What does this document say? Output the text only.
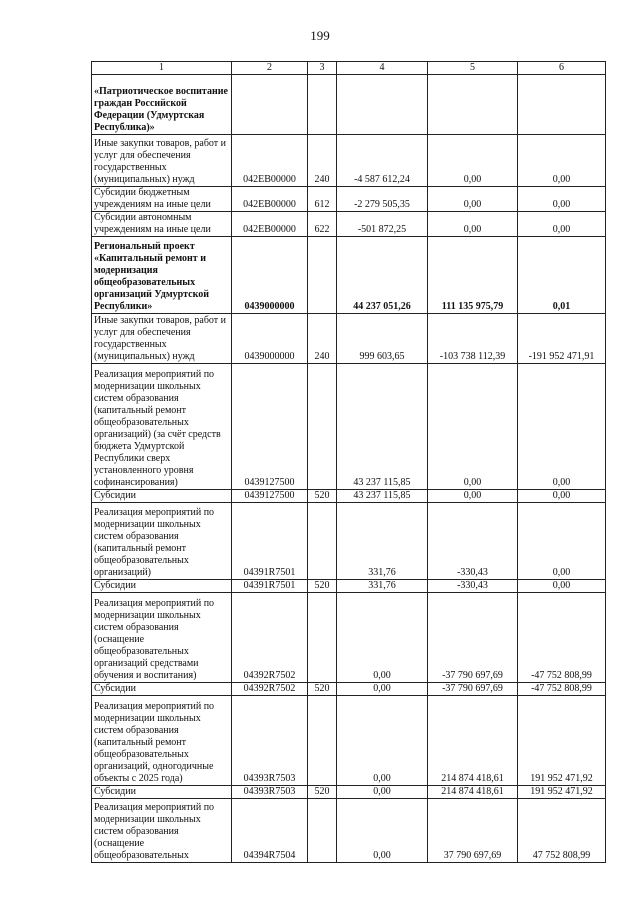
199
1	2	3	4	5	6
«Патриотическое воспитание граждан Российской Федерации (Удмуртская Республика)»					
Иные закупки товаров, работ и услуг для обеспечения государственных (муниципальных) нужд	042ЕВ00000	240	-4 587 612,24	0,00	0,00
Субсидии бюджетным учреждениям на иные цели	042ЕВ00000	612	-2 279 505,35	0,00	0,00
Субсидии автономным учреждениям на иные цели	042ЕВ00000	622	-501 872,25	0,00	0,00
Региональный проект «Капитальный ремонт и модернизация общеобразовательных организаций Удмуртской Республики»	0439000000		44 237 051,26	111 135 975,79	0,01
Иные закупки товаров, работ и услуг для обеспечения государственных (муниципальных) нужд	0439000000	240	999 603,65	-103 738 112,39	-191 952 471,91
Реализация мероприятий по модернизации школьных систем образования (капитальный ремонт общеобразовательных организаций) (за счёт средств бюджета Удмуртской Республики сверх установленного уровня софинансирования)	0439127500		43 237 115,85	0,00	0,00
Субсидии	0439127500	520	43 237 115,85	0,00	0,00
Реализация мероприятий по модернизации школьных систем образования (капитальный ремонт общеобразовательных организаций)	04391R7501		331,76	-330,43	0,00
Субсидии	04391R7501	520	331,76	-330,43	0,00
Реализация мероприятий по модернизации школьных систем образования (оснащение общеобразовательных организаций средствами обучения и воспитания)	04392R7502		0,00	-37 790 697,69	-47 752 808,99
Субсидии	04392R7502	520	0,00	-37 790 697,69	-47 752 808,99
Реализация мероприятий по модернизации школьных систем образования (капитальный ремонт общеобразовательных организаций, одногодичные объекты с 2025 года)	04393R7503		0,00	214 874 418,61	191 952 471,92
Субсидии	04393R7503	520	0,00	214 874 418,61	191 952 471,92
Реализация мероприятий по модернизации школьных систем образования (оснащение общеобразовательных	04394R7504		0,00	37 790 697,69	47 752 808,99
